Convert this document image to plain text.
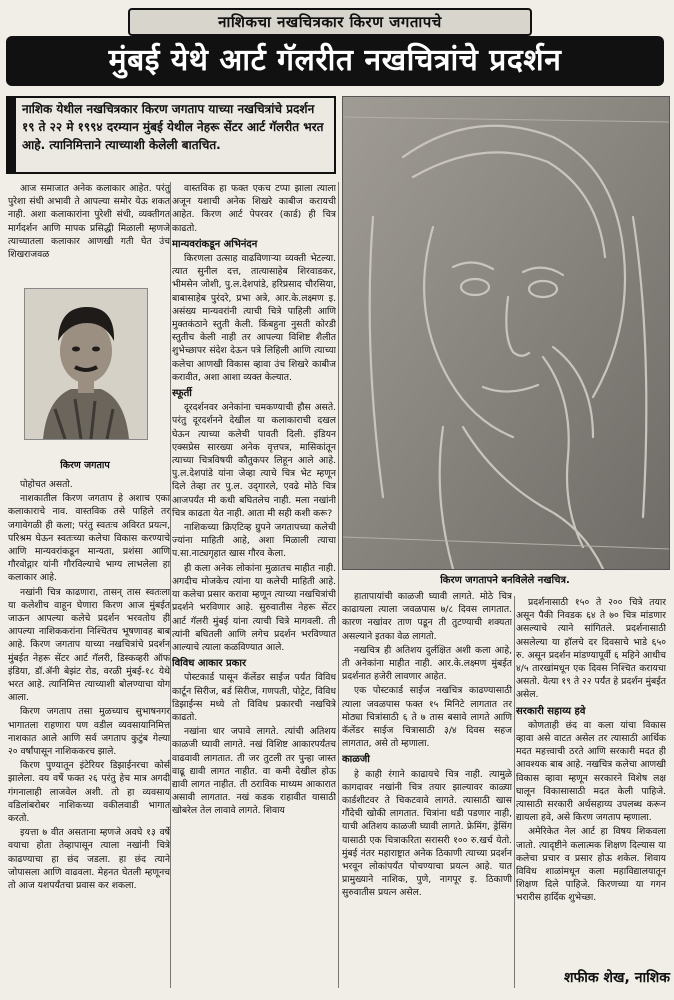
नाशिकचा नखचित्रकार किरण जगतापचे
मुंबई येथे आर्ट गॅलरीत नखचित्रांचे प्रदर्शन
नाशिक येथील नखचित्रकार किरण जगताप याच्या नखचित्रांचे प्रदर्शन १९ ते २२ मे १९९४ दरम्यान मुंबई येथील नेहरू सेंटर आर्ट गॅलरीत भरत आहे. त्यानिमित्ताने त्याच्याशी केलेली बातचित.

आज समाजात अनेक कलाकार आहेत. परंतु पुरेशा संधी अभावी ते आपल्या समोर येऊ शकत नाही. अशा कलाकारांना पुरेशी संधी, व्यक्तीगत मार्गदर्शन आणि मापक प्रसिद्धी मिळाली म्हणजे त्याच्यातला कलाकार आणखी गती घेत उंच शिखराजवळ

किरण जगताप

पोहोचत असतो.

नाशकातील किरण जगताप हे अशाच एका कलाकाराचे नाव. वास्तविक तसे पाहिले तर जगावेगळी ही कला; परंतु स्वतःच अविरत प्रयत्न, परिश्रम घेऊन स्वतःच्या कलेचा विकास करण्याचे आणि मान्यवरांकडून मान्यता, प्रशंसा आणि गौरवोद्गार यांनी गौरविल्याचे भाग्य लाभलेला हा कलाकार आहे.

नखांनी चित्र काढणारा, तासन् तास स्वतःला या कलेशीच वाहून घेणारा किरण आज मुंबईत जाऊन आपल्या कलेचे प्रदर्शन भरवतोय ही आपल्या नाशिककरांना निश्चितच भूषणावह बाब आहे. किरण जगताप याच्या नखचित्रांचे प्रदर्शन मुंबईत नेहरू सेंटर आर्ट गॅलरी, डिस्कव्हरी ऑफ इंडिया, डॉ.ॲनी बेझंट रोड, वरळी मुंबई-१८ येथे भरत आहे. त्यानिमित्त त्याच्याशी बोलण्याचा योग आला.

किरण जगताप तसा मुळच्याच सुभाषनगर भागातला राहणारा पण वडील व्यवसायानिमित्त नाशकात आले आणि सर्व जगताप कुटुंब गेल्या २० वर्षांपासून नाशिककरच झाले.

किरण पुण्यातून इंटेरियर डिझाईनरचा कोर्स झालेला. वय वर्षे फक्त २६ परंतु हेच मात्र अगदी गंगनालाही लाजवेल अशी. तो हा व्यवसाय वडिलांबरोबर नाशिकच्या वकीलवाडी भागात करतो.

इयत्ता ७ वीत असताना म्हणजे अवघे १३ वर्षे वयाचा होता तेव्हापासून त्याला नखांनी चित्रे काढण्याचा हा छंद जडला. हा छंद त्याने जोपासला आणि वाढवला. मेहनत घेतली म्हणूनच तो आज यशपर्यंतचा प्रवास कर शकला.

वास्तविक हा फक्त एकच टप्पा झाला त्याला अजून यशाची अनेक शिखरे काबीज करायची आहेत. किरण आर्ट पेपरवर (कार्ड) ही चित्र काढतो.

मान्यवरांकडून अभिनंदन

किरणला उत्साह वाढविणाऱ्या व्यक्ती भेटल्या. त्यात सुनील दत्त, तात्यासाहेब शिरवाडकर, भीमसेन जोशी, पु.ल.देशपांडे, हरिप्रसाद चौरसिया, बाबासाहेब पुरंदरे, प्रभा अत्रे, आर.के.लक्ष्मण इ. असंख्य मान्यवरांनी त्याची चित्रे पाहिली आणि मुक्तकंठाने स्तुती केली. किंबहुना नुसती कोरडी स्तुतीच केली नाही तर आपल्या विशिष्ट शैलीत शुभेच्छापर संदेश देऊन पत्रे लिहिली आणि त्याच्या कलेचा आणखी विकास व्हावा उंच शिखरे काबीज करावीत, अशा आशा व्यक्त केल्यात.

स्फूर्ती

दूरदर्शनवर अनेकांना चमकण्याची हौस असते. परंतु दूरदर्शनने देखील या कलाकाराची दखल घेऊन त्याच्या कलेची पावती दिली. इंडियन एक्सप्रेस सारख्या अनेक वृत्तपत्र, मासिकांतून त्याच्या चित्रविषयी कौतुकपर लिहून आले आहे. पु.ल.देशपांडे यांना जेव्हा त्याचे चित्र भेट म्हणून दिले तेव्हा तर पु.ल. उद्‌गारले, एवढे मोठे चित्र आजपर्यंत मी कधी बघितलेच नाही. मला नखांनी चित्र काढता येत नाही. आता मी सही कशी करू?

नाशिकच्या क्रिएटिव्ह ग्रुपने जगतापच्या कलेची ज्यांना माहिती आहे, अशा मिळाली त्याचा प.सा.नाट्यगृहात खास गौरव केला.

ही कला अनेक लोकांना मुळातच माहीत नाही. अगदीच मोजकेच त्यांना या कलेची माहिती आहे. या कलेचा प्रसार करावा म्हणून त्याच्या नखचित्रांची प्रदर्शने भरविणार आहे. सुरुवातीस नेहरू सेंटर आर्ट गॅलरी मुंबई यांना त्याची चित्रे मागवली. ती त्यांनी बघितली आणि लगेच प्रदर्शन भरविण्यात आल्याचे त्याला कळविण्यात आले.

विविध आकार प्रकार

पोस्टकार्ड पासून कॅलेंडर साईज पर्यंत विविध कार्टून सिरीज, बर्ड सिरीज, गणपती, पोट्रेट, विविध डिझाईन्स मध्ये तो विविध प्रकारची नखचित्रे काढतो.

नखांना धार जपावे लागते. त्यांची अतिशय काळजी घ्यावी लागते. नखं विशिष्ट आकारपर्यंतच वाढवावी लागतात. ती जर तुटली तर पुन्हा जास्त वाढू द्यावी लागत नाहीत. वा कमी देखील होऊ द्यावी लागत नाहीत. ती ठराविक माध्यम आकारात असावी लागतात. नखं कडक राहावीत यासाठी खोबरेल तेल लावावे लागते. शिवाय

किरण जगतापने बनविलेले नखचित्र.

हातापायांची काळजी घ्यावी लागते. मोठे चित्र काढायला त्याला जवळपास ७/८ दिवस लागतात. कारण नखांवर ताण पडून ती तुटण्याची शक्यता असल्याने इतका वेळ लागतो.

नखचित्र ही अतिशय दुर्लक्षित अशी कला आहे, ती अनेकांना माहीत नाही. आर.के.लक्ष्मण मुंबईत प्रदर्शनात हजेरी लावणार आहेत.

एक पोस्टकार्ड साईज नखचित्र काढण्यासाठी त्याला जवळपास फक्त १५ मिनिटे लागतात तर मोठ्या चित्रांसाठी ६ ते ७ तास बसावे लागते आणि कॅलेंडर साईज चित्रासाठी ३/४ दिवस सहज लागतात, असे तो म्हणाला.

काळजी

हे काही रंगाने काढायचे चित्र नाही. त्यामुळे कागदावर नखांनी चित्र तयार झाल्यावर काळ्या कार्डशीटवर ते चिकटवावे लागते. त्यासाठी खास गौंदेची खोकी लागतात. चित्रांना धडी पडणार नाही, याची अतिशय काळजी घ्यावी लागते. फ्रेमिंग, ड्रेसिंग यासाठी एक चित्राकरिता सरासरी १०० रु.खर्च येतो. मुंबई नंतर महाराष्ट्रात अनेक ठिकाणी त्याच्या प्रदर्शन भरवून लोकांपर्यंत पोचण्याचा प्रयत्न आहे. यात प्रामुख्याने नाशिक, पुणे, नागपूर इ. ठिकाणी सुरुवातीस प्रयत्न असेल.

प्रदर्शनासाठी १५० ते २०० चित्रे तयार असून पैकी निवडक ६४ ते ७० चित्र मांडणार असल्याचे त्याने सांगितले. प्रदर्शनासाठी असलेल्या या हॉलचे दर दिवसाचे भाडे ६५० रु. असून प्रदर्शन मांडण्यापूर्वी ६ महिने आधीच ४/५ तारखांमधून एक दिवस निश्चित करायचा असतो. येत्या १९ ते २२ पर्यंत हे प्रदर्शन मुंबईत असेल.

सरकारी सहाय्य हवे

कोणताही छंद वा कला यांचा विकास व्हावा असे वाटत असेल तर त्यासाठी आर्थिक मदत महत्त्वाची ठरते आणि सरकारी मदत ही आवश्यक बाब आहे. नखचित्र कलेचा आणखी विकास व्हावा म्हणून सरकारने विशेष लक्ष घालून विकासासाठी मदत केली पाहिजे. त्यासाठी सरकारी अर्थसहाय्य उपलब्ध करून द्यायला हवे, असे किरण जगताप म्हणाला.

अमेरिकेत नेल आर्ट हा विषय शिकवला जातो. त्यादृष्टीने कलात्मक शिक्षण दिल्यास या कलेचा प्रचार व प्रसार होऊ शकेल. शिवाय विविध शाळांमधून कला महाविद्यालयातून शिक्षण दिले पाहिजे. किरणच्या या गगन भरारीस हार्दिक शुभेच्छा.

शफीक शेख, नाशिक
